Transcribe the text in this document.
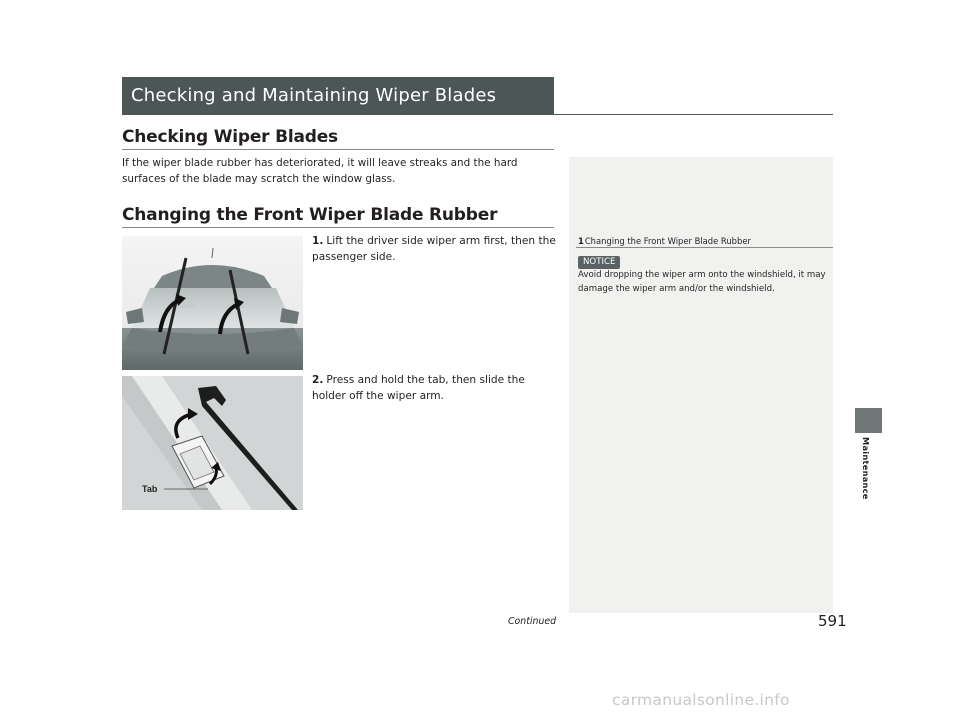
Checking and Maintaining Wiper Blades
Checking Wiper Blades
If the wiper blade rubber has deteriorated, it will leave streaks and the hard surfaces of the blade may scratch the window glass.
Changing the Front Wiper Blade Rubber
1. Lift the driver side wiper arm first, then the passenger side.
2. Press and hold the tab, then slide the holder off the wiper arm.
Tab
1Changing the Front Wiper Blade Rubber
NOTICE
Avoid dropping the wiper arm onto the windshield, it may damage the wiper arm and/or the windshield.
Maintenance
Continued	591
carmanualsonline.info
